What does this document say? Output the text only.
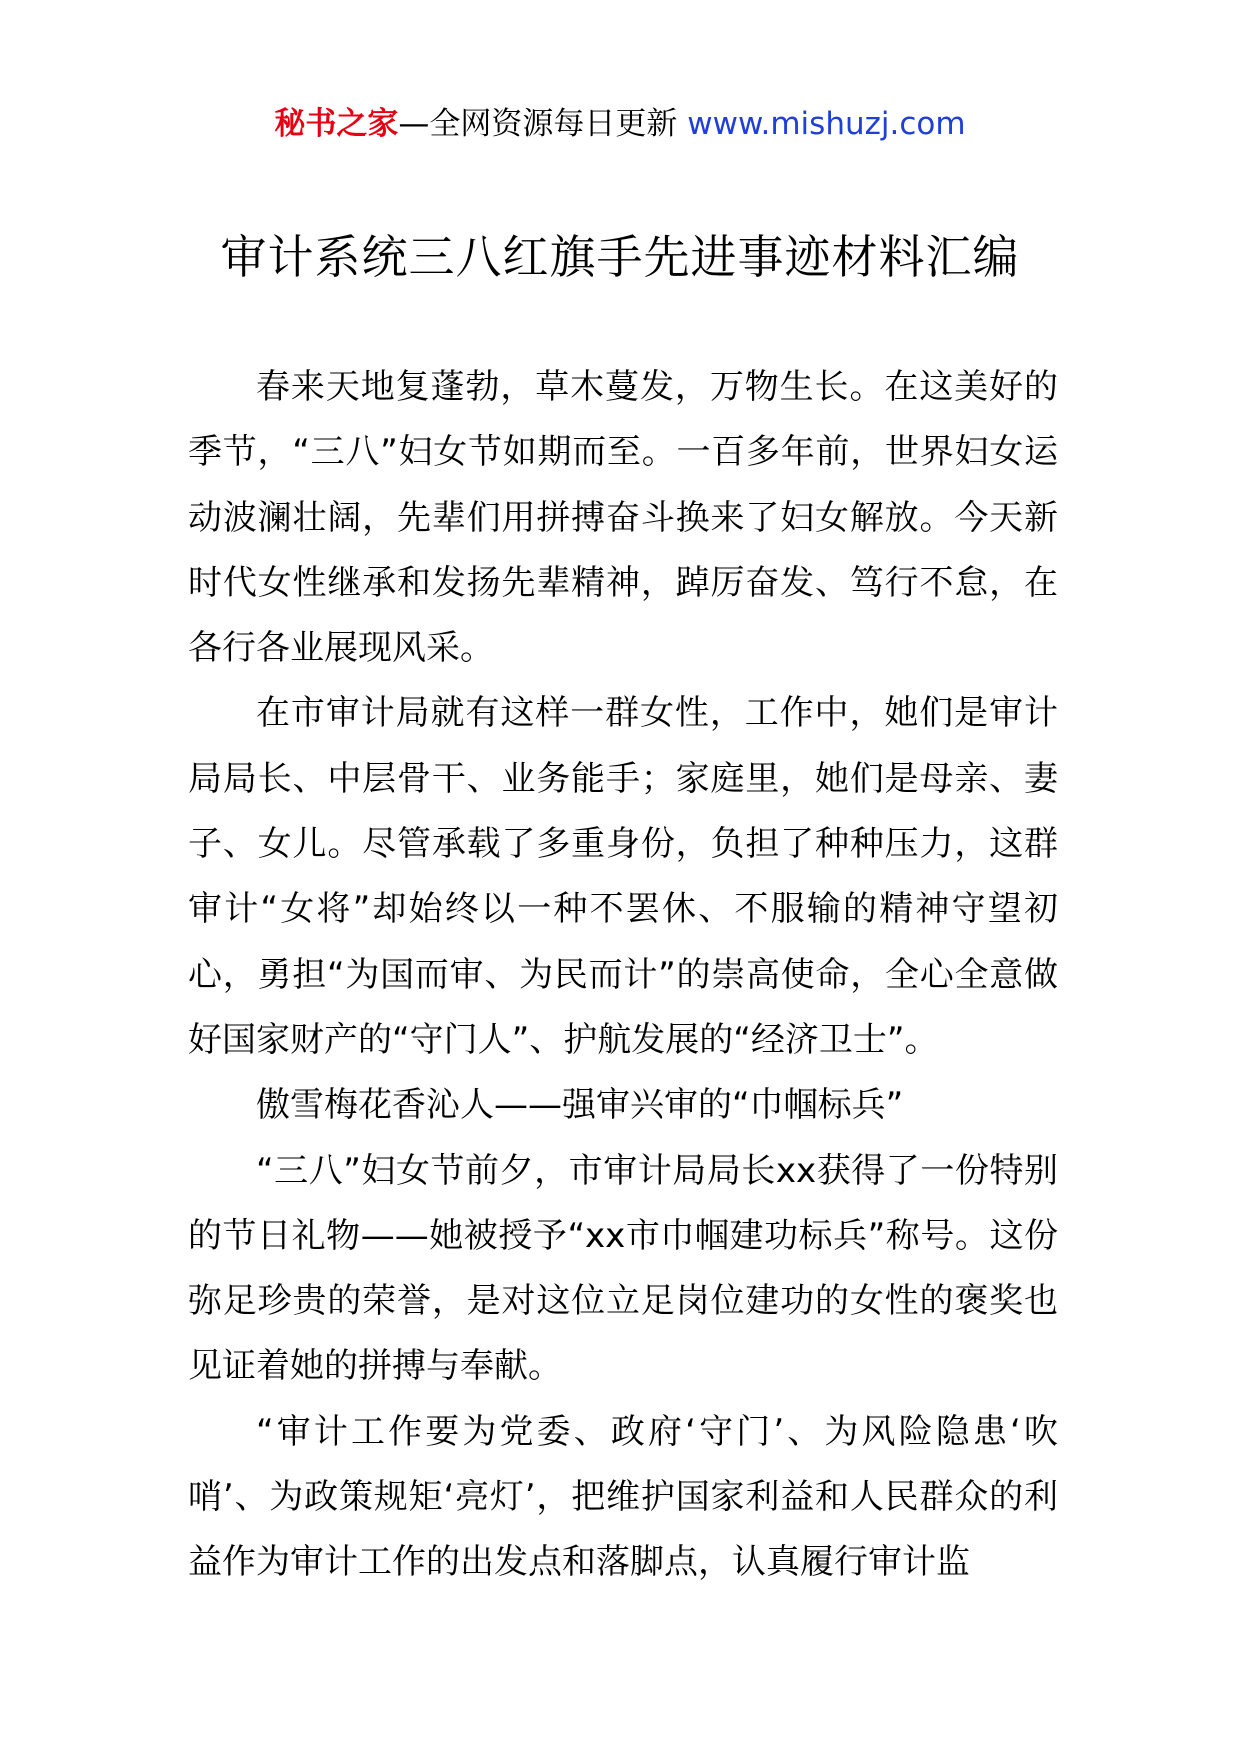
秘书之家—全网资源每日更新 www.mishuzj.com
审计系统三八红旗手先进事迹材料汇编

春来天地复蓬勃，草木蔓发，万物生长。在这美好的季节，“三八”妇女节如期而至。一百多年前，世界妇女运动波澜壮阔，先辈们用拼搏奋斗换来了妇女解放。今天新时代女性继承和发扬先辈精神，踔厉奋发、笃行不怠，在各行各业展现风采。

在市审计局就有这样一群女性，工作中，她们是审计局局长、中层骨干、业务能手；家庭里，她们是母亲、妻子、女儿。尽管承载了多重身份，负担了种种压力，这群审计“女将”却始终以一种不罢休、不服输的精神守望初心，勇担“为国而审、为民而计”的崇高使命，全心全意做好国家财产的“守门人”、护航发展的“经济卫士”。

傲雪梅花香沁人——强审兴审的“巾帼标兵”

“三八”妇女节前夕，市审计局局长xx获得了一份特别的节日礼物——她被授予“xx市巾帼建功标兵”称号。这份弥足珍贵的荣誉，是对这位立足岗位建功的女性的褒奖也见证着她的拼搏与奉献。

“审计工作要为党委、政府‘守门’、为风险隐患‘吹哨’、为政策规矩‘亮灯’，把维护国家利益和人民群众的利益作为审计工作的出发点和落脚点，认真履行审计监
